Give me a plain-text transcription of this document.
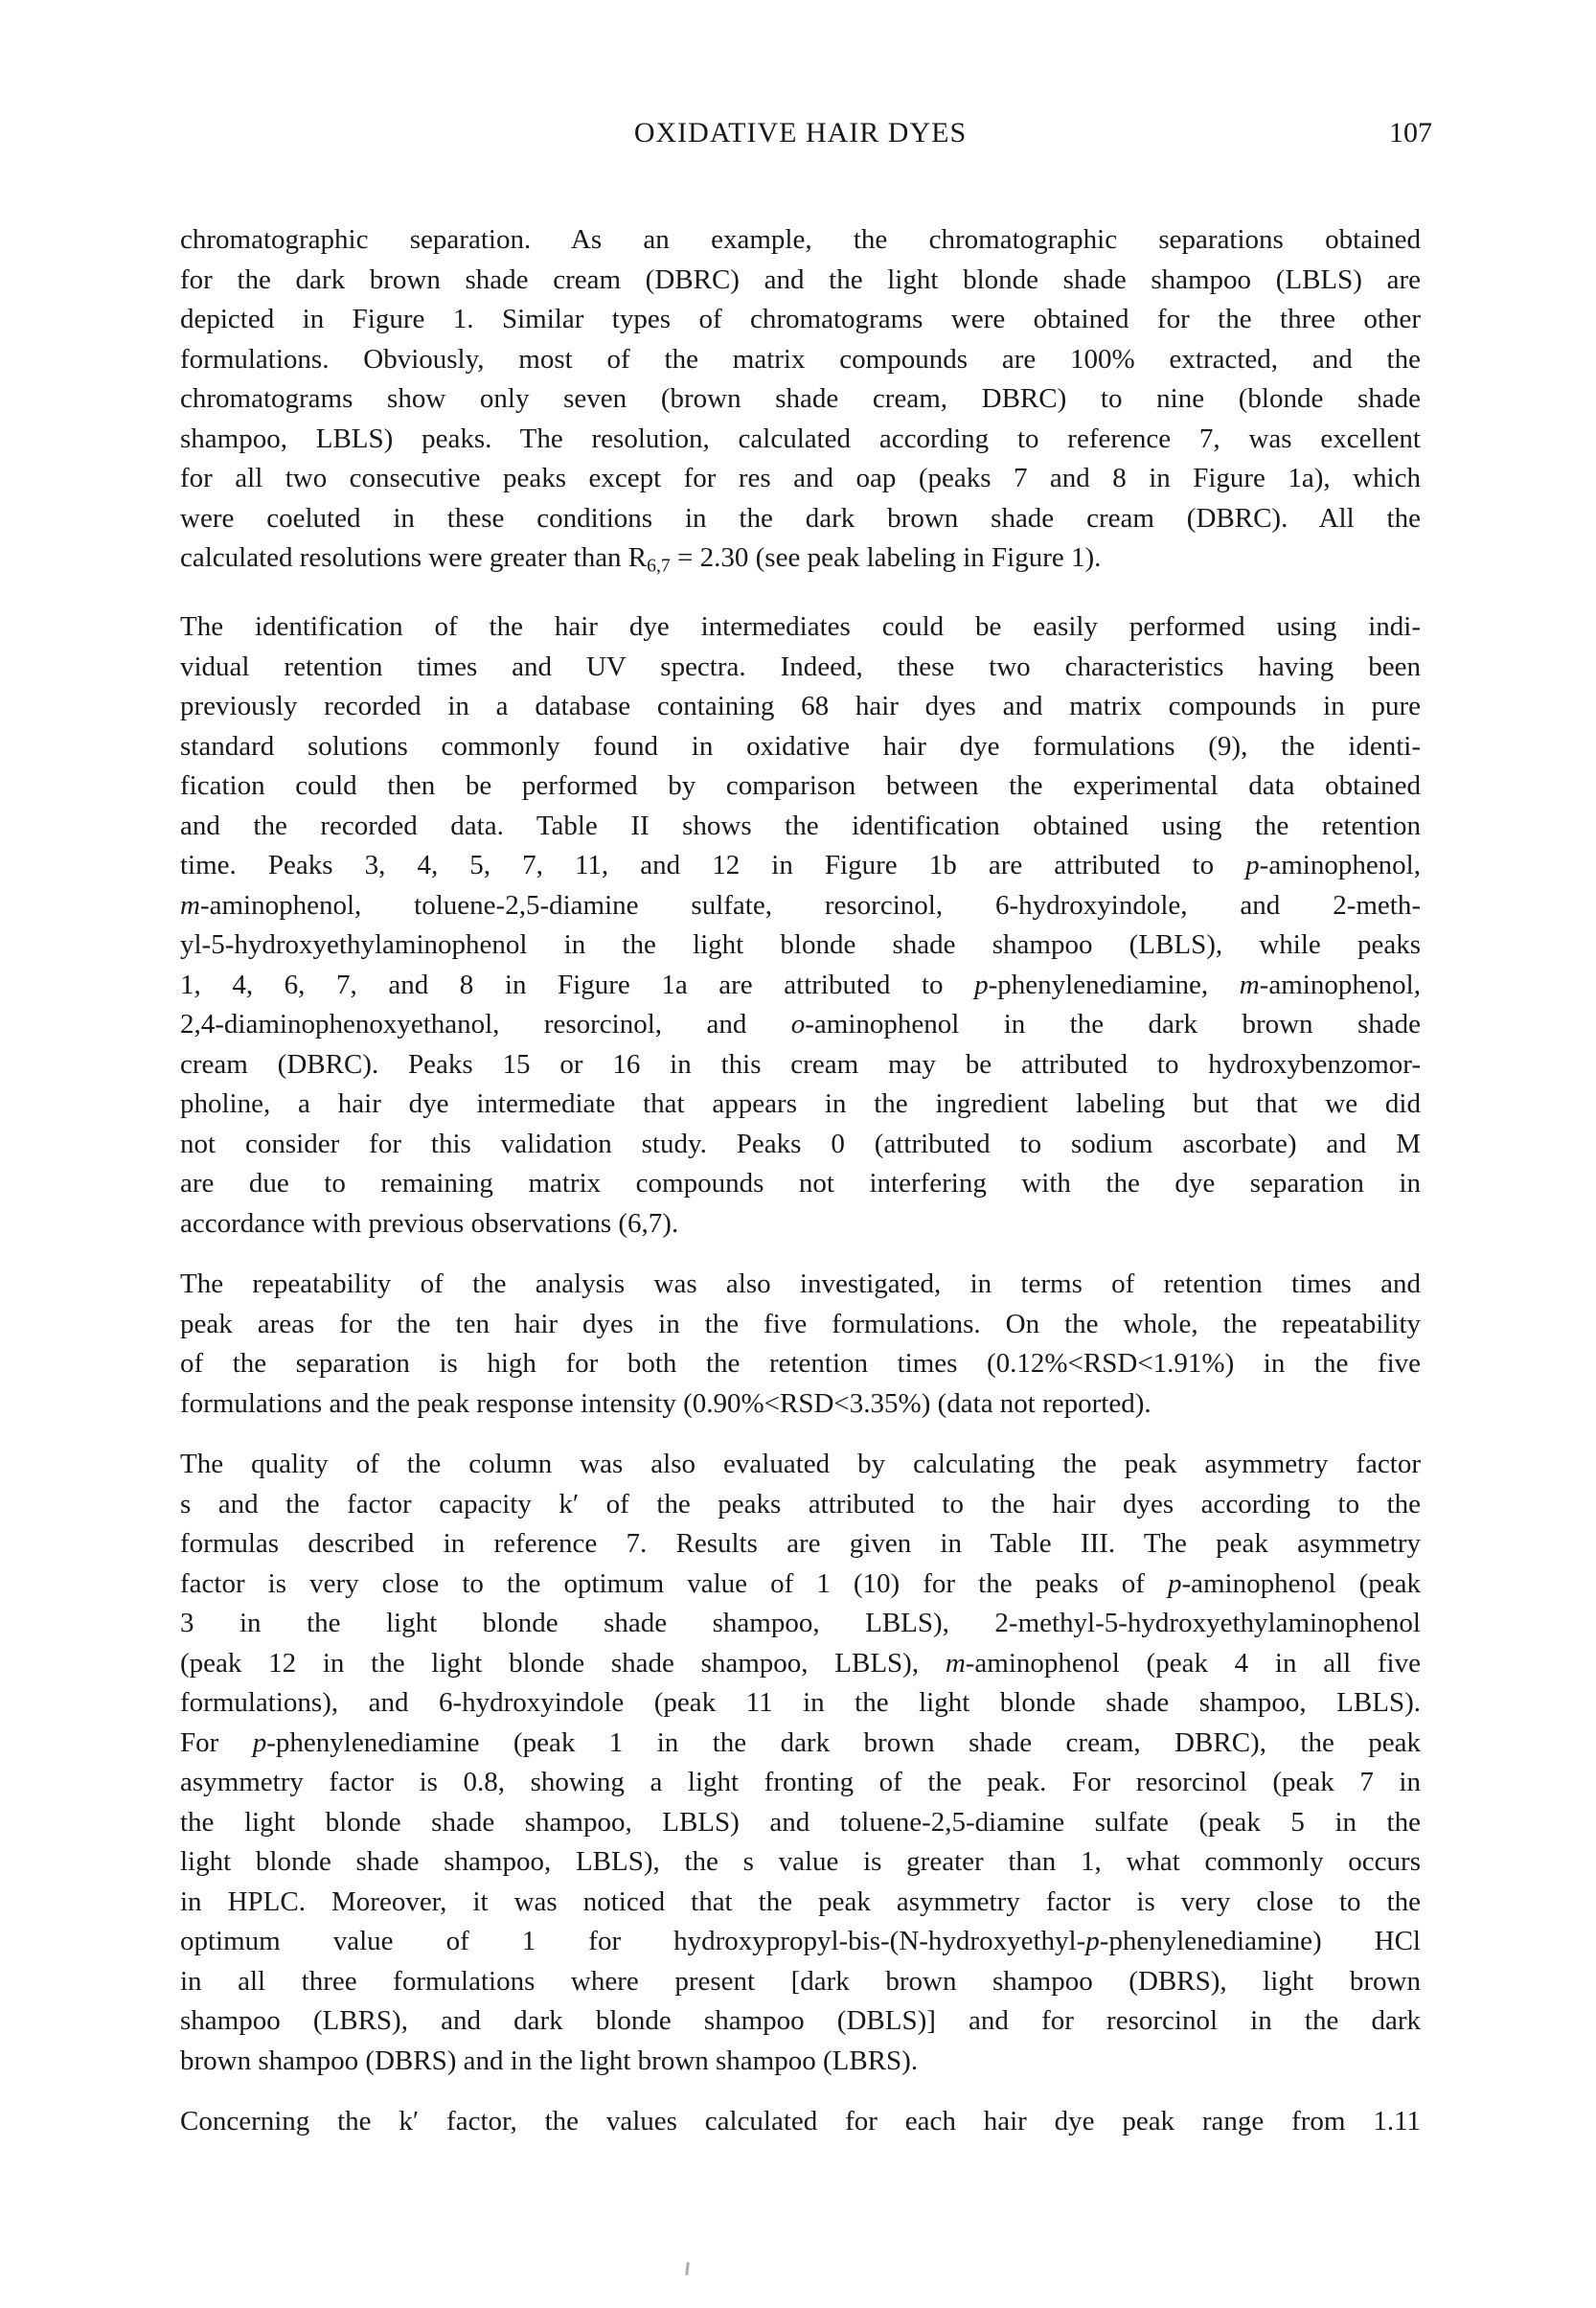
OXIDATIVE HAIR DYES	107
chromatographic separation. As an example, the chromatographic separations obtained
for the dark brown shade cream (DBRC) and the light blonde shade shampoo (LBLS) are
depicted in Figure 1. Similar types of chromatograms were obtained for the three other
formulations. Obviously, most of the matrix compounds are 100% extracted, and the
chromatograms show only seven (brown shade cream, DBRC) to nine (blonde shade
shampoo, LBLS) peaks. The resolution, calculated according to reference 7, was excellent
for all two consecutive peaks except for res and oap (peaks 7 and 8 in Figure 1a), which
were coeluted in these conditions in the dark brown shade cream (DBRC). All the
calculated resolutions were greater than $R_{6,7} = 2.30$ (see peak labeling in Figure 1).
The identification of the hair dye intermediates could be easily performed using indi-
vidual retention times and UV spectra. Indeed, these two characteristics having been
previously recorded in a database containing 68 hair dyes and matrix compounds in pure
standard solutions commonly found in oxidative hair dye formulations (9), the identi-
fication could then be performed by comparison between the experimental data obtained
and the recorded data. Table II shows the identification obtained using the retention
time. Peaks 3, 4, 5, 7, 11, and 12 in Figure 1b are attributed to p-aminophenol,
m-aminophenol, toluene-2,5-diamine sulfate, resorcinol, 6-hydroxyindole, and 2-meth-
yl-5-hydroxyethylaminophenol in the light blonde shade shampoo (LBLS), while peaks
1, 4, 6, 7, and 8 in Figure 1a are attributed to p-phenylenediamine, m-aminophenol,
2,4-diaminophenoxyethanol, resorcinol, and o-aminophenol in the dark brown shade
cream (DBRC). Peaks 15 or 16 in this cream may be attributed to hydroxybenzomor-
pholine, a hair dye intermediate that appears in the ingredient labeling but that we did
not consider for this validation study. Peaks 0 (attributed to sodium ascorbate) and M
are due to remaining matrix compounds not interfering with the dye separation in
accordance with previous observations (6,7).
The repeatability of the analysis was also investigated, in terms of retention times and
peak areas for the ten hair dyes in the five formulations. On the whole, the repeatability
of the separation is high for both the retention times (0.12%<RSD<1.91%) in the five
formulations and the peak response intensity (0.90%<RSD<3.35%) (data not reported).
The quality of the column was also evaluated by calculating the peak asymmetry factor
s and the factor capacity k′ of the peaks attributed to the hair dyes according to the
formulas described in reference 7. Results are given in Table III. The peak asymmetry
factor is very close to the optimum value of 1 (10) for the peaks of p-aminophenol (peak
3 in the light blonde shade shampoo, LBLS), 2-methyl-5-hydroxyethylaminophenol
(peak 12 in the light blonde shade shampoo, LBLS), m-aminophenol (peak 4 in all five
formulations), and 6-hydroxyindole (peak 11 in the light blonde shade shampoo, LBLS).
For p-phenylenediamine (peak 1 in the dark brown shade cream, DBRC), the peak
asymmetry factor is 0.8, showing a light fronting of the peak. For resorcinol (peak 7 in
the light blonde shade shampoo, LBLS) and toluene-2,5-diamine sulfate (peak 5 in the
light blonde shade shampoo, LBLS), the s value is greater than 1, what commonly occurs
in HPLC. Moreover, it was noticed that the peak asymmetry factor is very close to the
optimum value of 1 for hydroxypropyl-bis-(N-hydroxyethyl-p-phenylenediamine) HCl
in all three formulations where present [dark brown shampoo (DBRS), light brown
shampoo (LBRS), and dark blonde shampoo (DBLS)] and for resorcinol in the dark
brown shampoo (DBRS) and in the light brown shampoo (LBRS).
Concerning the k′ factor, the values calculated for each hair dye peak range from 1.11
